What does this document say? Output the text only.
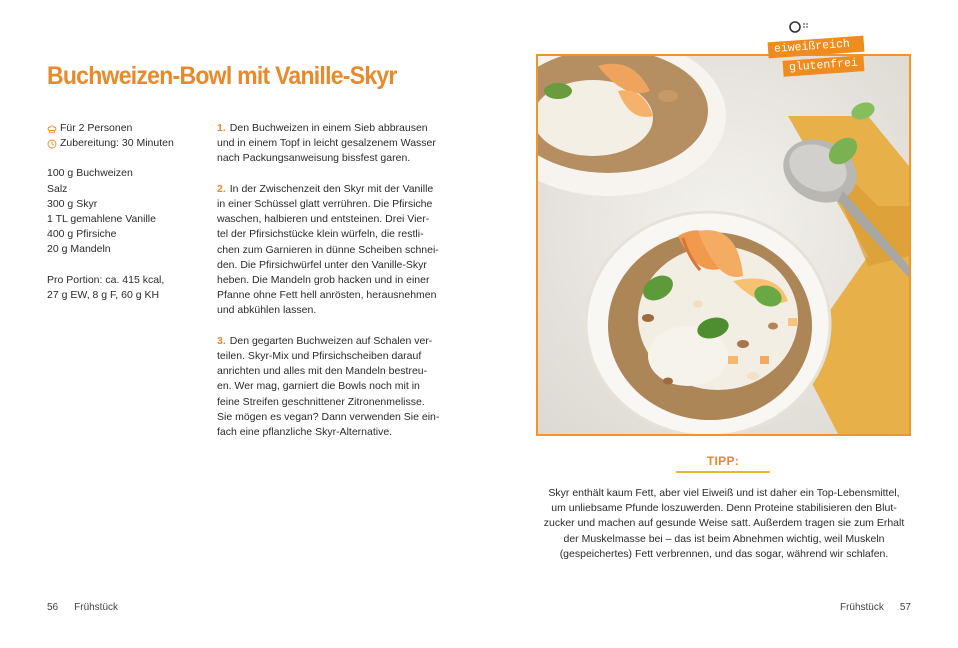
Buchweizen-Bowl mit Vanille-Skyr
Für 2 Personen
Zubereitung: 30 Minuten
100 g Buchweizen
Salz
300 g Skyr
1 TL gemahlene Vanille
400 g Pfirsiche
20 g Mandeln
Pro Portion: ca. 415 kcal,
27 g EW, 8 g F, 60 g KH
1. Den Buchweizen in einem Sieb abbrausen
und in einem Topf in leicht gesalzenem Wasser
nach Packungsanweisung bissfest garen.
2. In der Zwischenzeit den Skyr mit der Vanille
in einer Schüssel glatt verrühren. Die Pfirsiche
waschen, halbieren und entsteinen. Drei Vier-
tel der Pfirsichstücke klein würfeln, die restli-
chen zum Garnieren in dünne Scheiben schnei-
den. Die Pfirsichwürfel unter den Vanille-Skyr
heben. Die Mandeln grob hacken und in einer
Pfanne ohne Fett hell anrösten, herausnehmen
und abkühlen lassen.
3. Den gegarten Buchweizen auf Schalen ver-
teilen. Skyr-Mix und Pfirsichscheiben darauf
anrichten und alles mit den Mandeln bestreu-
en. Wer mag, garniert die Bowls noch mit in
feine Streifen geschnittener Zitronenmelisse.
Sie mögen es vegan? Dann verwenden Sie ein-
fach eine pflanzliche Skyr-Alternative.
56 Frühstück	Frühstück 57
eiweißreich
glutenfrei
TIPP:
Skyr enthält kaum Fett, aber viel Eiweiß und ist daher ein Top-Lebensmittel,
um unliebsame Pfunde loszuwerden. Denn Proteine stabilisieren den Blut-
zucker und machen auf gesunde Weise satt. Außerdem tragen sie zum Erhalt
der Muskelmasse bei – das ist beim Abnehmen wichtig, weil Muskeln
(gespeichertes) Fett verbrennen, und das sogar, während wir schlafen.
